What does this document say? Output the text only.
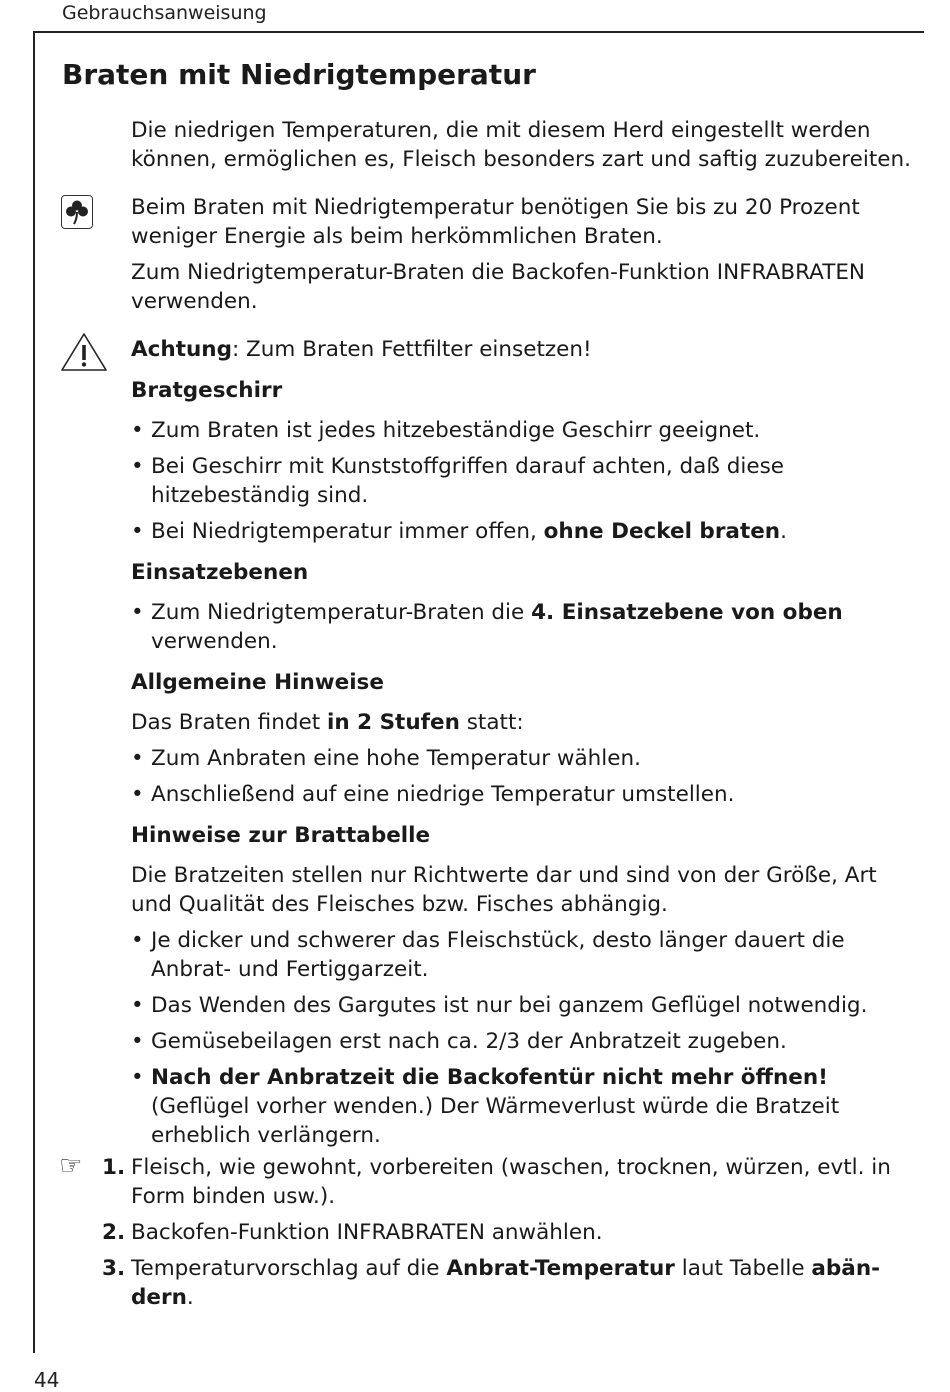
Gebrauchsanweisung
Braten mit Niedrigtemperatur

Die niedrigen Temperaturen, die mit diesem Herd eingestellt werden können, ermöglichen es, Fleisch besonders zart und saftig zuzubereiten.

Beim Braten mit Niedrigtemperatur benötigen Sie bis zu 20 Prozent weniger Energie als beim herkömmlichen Braten.

Zum Niedrigtemperatur-Braten die Backofen-Funktion INFRABRATEN verwenden.

Achtung: Zum Braten Fettfilter einsetzen!

Bratgeschirr
• Zum Braten ist jedes hitzebeständige Geschirr geeignet.
• Bei Geschirr mit Kunststoffgriffen darauf achten, daß diese hitzebeständig sind.
• Bei Niedrigtemperatur immer offen, ohne Deckel braten.
Einsatzebenen
• Zum Niedrigtemperatur-Braten die 4. Einsatzebene von oben verwenden.
Allgemeine Hinweise

Das Braten findet in 2 Stufen statt:

• Zum Anbraten eine hohe Temperatur wählen.
• Anschließend auf eine niedrige Temperatur umstellen.
Hinweise zur Brattabelle

Die Bratzeiten stellen nur Richtwerte dar und sind von der Größe, Art und Qualität des Fleisches bzw. Fisches abhängig.

• Je dicker und schwerer das Fleischstück, desto länger dauert die Anbrat- und Fertiggarzeit.
• Das Wenden des Gargutes ist nur bei ganzem Geflügel notwendig.
• Gemüsebeilagen erst nach ca. 2/3 der Anbratzeit zugeben.
• Nach der Anbratzeit die Backofentür nicht mehr öffnen! (Geflügel vorher wenden.) Der Wärmeverlust würde die Bratzeit erheblich verlängern.
☞ 1. Fleisch, wie gewohnt, vorbereiten (waschen, trocknen, würzen, evtl. in Form binden usw.).
2. Backofen-Funktion INFRABRATEN anwählen.
3. Temperaturvorschlag auf die Anbrat-Temperatur laut Tabelle abän-dern.
44
